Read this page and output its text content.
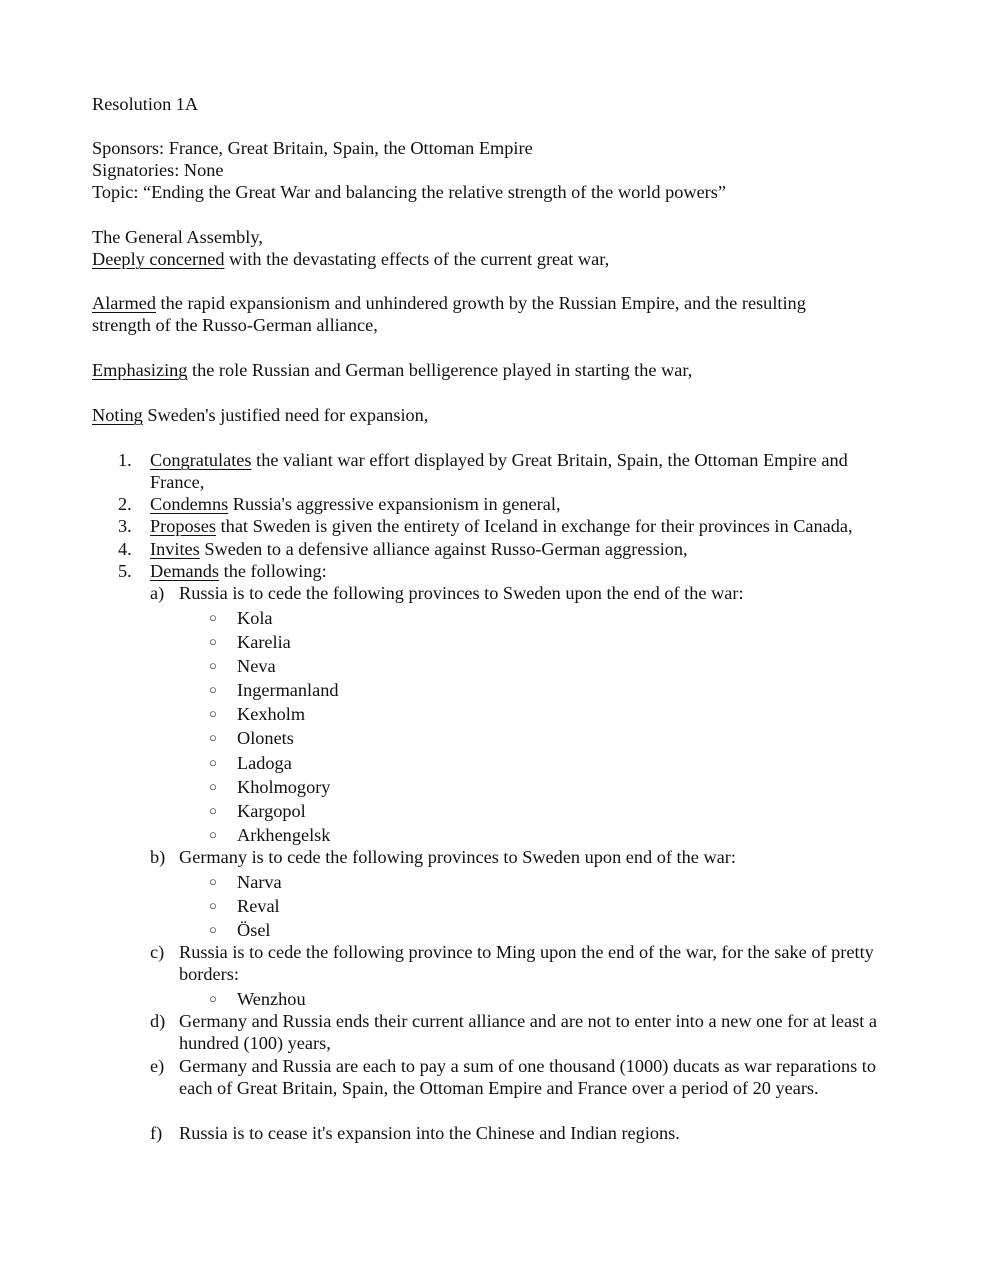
Resolution 1A
Sponsors: France, Great Britain, Spain, the Ottoman Empire
Signatories: None
Topic: “Ending the Great War and balancing the relative strength of the world powers”
The General Assembly,
Deeply concerned with the devastating effects of the current great war,
Alarmed the rapid expansionism and unhindered growth by the Russian Empire, and the resulting strength of the Russo-German alliance,
Emphasizing the role Russian and German belligerence played in starting the war,
Noting Sweden's justified need for expansion,
1. Congratulates the valiant war effort displayed by Great Britain, Spain, the Ottoman Empire and France,
2. Condemns Russia's aggressive expansionism in general,
3. Proposes that Sweden is given the entirety of Iceland in exchange for their provinces in Canada,
4. Invites Sweden to a defensive alliance against Russo-German aggression,
5. Demands the following:
a) Russia is to cede the following provinces to Sweden upon the end of the war:
○	Kola
○	Karelia
○	Neva
○	Ingermanland
○	Kexholm
○	Olonets
○	Ladoga
○	Kholmogory
○	Kargopol
○	Arkhengelsk
b) Germany is to cede the following provinces to Sweden upon end of the war:
○	Narva
○	Reval
○	Ösel
c) Russia is to cede the following province to Ming upon the end of the war, for the sake of pretty borders:
○	Wenzhou
d) Germany and Russia ends their current alliance and are not to enter into a new one for at least a hundred (100) years,
e) Germany and Russia are each to pay a sum of one thousand (1000) ducats as war reparations to each of Great Britain, Spain, the Ottoman Empire and France over a period of 20 years.
f) Russia is to cease it's expansion into the Chinese and Indian regions.
